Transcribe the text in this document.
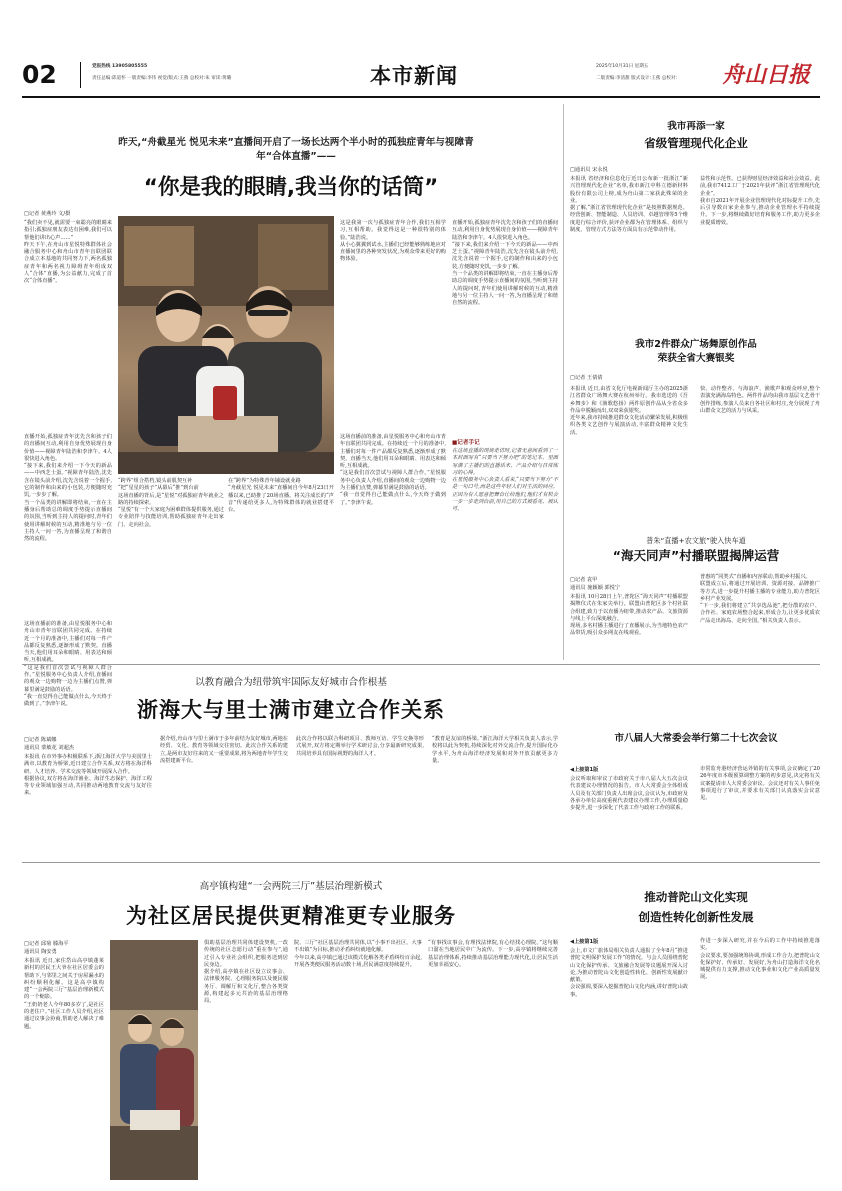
02	党报热线 13905805555
责任总编:邱道怀 一版责编:李伟 视觉/版式:王燕 总校对:朱 审读:黄璐	本市新闻	2025年10月31日 星期五
二版责编:李清甜 版式设计:王燕 总校对: 舟山日报
昨天,“舟截星光 悦见未来”直播间开启了一场长达两个半小时的孤独症青年与视障青年“合体直播”——
“你是我的眼睛,我当你的话筒”
□记者 黄燕玲 文/摄
“我们卖不见,就需要一束聪亮的眼睛来指引;孤独症朋友表达有困难,我们可以帮他们讲出心声……”
昨天下午,在舟山市星悦特殊群体社会融合服务中心和舟山市青年盲联团联合成立本基地的共同努力下,两名孤独症青年和两名视力障碍青年组成双人“合体”直播,为公益献力,完成了首次“合体直播”。
直播开始,孤独症青年沈先含和孩子们的直播间互动,利用自身优势展现自身价值——视障青年陆浩和李津午。4人很快进入角色。
“接下来,我们来介绍一下今天的新品——中西芝士蛋。”视障青年陆浩,沈先含在镜头前介绍,沈先含说着一个握手,它的制作和由来的小包装,方便随时充饥,一步步了解。
当一个品类的讲解即将结束,一直在主播身后帮助总的调度手势提示直播间的氛围,当听到主持人的提问时,青年们使用讲解时候的互动,精准地与另一位主持人一问一答,为直播呈现了和谐自然的流程。
这场直播前的准备,由星悦服务中心和舟山市青年盲联团共同完成。在持续近一个月的准备中,主播们对每一件产品都反复熟悉,逐渐形成了默契。直播当天,他们用耳朵和眼睛、用表达和倾听,互相成就。
“这是我们首次尝试与视障人群合作。”星悦服务中心负责人介绍,直播间的观众一边购物一边为主播们点赞,弹幕里满是鼓励的话语。
“我一直觉得自己能做点什么,今天终于做到了。”李津午说。
“跨界”组合搭档,镜头前肌契互补
“把“星星的孩子”从幕后“推”到台前
这场直播的背后,是“星悦”对孤独症青年就业之路的持续探索。
“星悦”有一个大家庭为困难群体提供服务,通过专业陪伴与技能培训,帮助孤独症青年走出家门、走向社会。
在“跨界”为特殊青年铺设就业路
“舟截星光 悦见未来”直播间自今年8月23日开播以来,已助推了20场直播。将关注成长的“声音”传递给更多人,为特殊群体的就业搭建平台。
这是我第一次与孤独症青年合作,我们互相学习,互相帮助。我觉得这是一种很特别的体验。”陆浩说。
从小心翼翼到试水,主播们已经能够熟练地应对直播间里的各种突发状况,为观众带来更好的购物体验。
这场直播前的准备,由星悦服务中心和舟山市青年盲联团共同完成。在持续近一个月的准备中,主播们对每一件产品都反复熟悉,逐渐形成了默契。直播当天,他们用耳朵和眼睛、用表达和倾听,互相成就。
“这是我们首次尝试与视障人群合作。”星悦服务中心负责人介绍,直播间的观众一边购物一边为主播们点赞,弹幕里满是鼓励的话语。
“我一直觉得自己能做点什么,今天终于做到了。”李津午说。
直播开始,孤独症青年沈先含和孩子们的直播间互动,利用自身优势展现自身价值——视障青年陆浩和李津午。4人很快进入角色。
“接下来,我们来介绍一下今天的新品——中西芝士蛋。”视障青年陆浩,沈先含在镜头前介绍,沈先含说着一个握手,它的制作和由来的小包装,方便随时充饥,一步步了解。
当一个品类的讲解即将结束,一直在主播身后帮助总的调度手势提示直播间的氛围,当听到主持人的提问时,青年们使用讲解时候的互动,精准地与另一位主持人一问一答,为直播呈现了和谐自然的流程。
■记者手记
在这场直播的现场走访时,记者无意间看到了一本封面写有“只要当下努力吧”的笔记本。里面写满了主播们的直播话术、产品介绍与日常练习的心得。
在星悦服务中心负责人看来,“只要当下努力”不是一句口号,而是这些年轻人们对生活的回应。正因为有人愿意把舞台让给他们,他们才有机会一步一步走到台前,用自己的方式被看见、被认可。
我市再添一家
省级管理现代化企业
□通讯员 宋永悦
本报讯 省经济和信息化厅近日公布新一批浙江“新兴管理现代化企业”名单,我市新江中科立德新材料股份有限公司上榜,成为舟山第二家获此殊荣的企业。
据了解,“浙江省管理现代化企业”是按照数据规范、经营创新、智能制造、人员培训、卓越管理等5个维度进行综合评价,获评企业都为在管理体系、组织与制度、管理方式方法等方面具有示范带动作用。
益性和示范性。已获得财星经济效益和社会效益。此前,我市7412工厂于2021年获评“浙江省管理现代化企业”。
我市自2021年开展企业管理现代化对标提升工作,先后引导数百家企业参与,推动企业管理水平持续提升。下一步,将继续做好培育和服务工作,助力更多企业提质增效。
我市2件群众广场舞原创作品
荣获全省大赛银奖
□记者 王倩倩
本报讯 近日,由省文化厅电视新闻厅主办的2025浙江省群众广场舞大赛在杭州举行。我市选送的《吾乡舞步》和《渔歌悠扬》两件原创作品从全省众多作品中脱颖而出,双双荣获银奖。
近年来,我市持续推进群众文化活动繁荣发展,积极组织各类文艺创作与展演活动,丰富群众精神文化生活。
快、动作整齐、与海浪声、渔歌声和观众呼应,整个表演充满海岛特色。两件作品均由我市基层文艺骨干创作排练,参演人员来自各社区和村庄,充分展现了舟山群众文艺的活力与风采。
普朱“直播+农文旅”驶入快车道
“海天同声”村播联盟揭牌运营
□记者 袁甲
通讯员 施颖颖 郭悦宁
本报讯 10月28日上午,普陀区“海天同声”村播联盟揭牌仪式在朱家尖举行。联盟由普陀区多个村社联合组建,致力于以直播为纽带,推动农产品、文旅资源与线上平台深度融合。
现场,多名村播主播进行了直播展示,为当地特色农产品带货,吸引众多网友在线观看。
普惠的“同类式”直播和内容联动,帮助乡村振兴。
联盟成立后,将通过开展培训、资源对接、品牌推广等方式,进一步提升村播主播的专业能力,助力普陀区乡村产业发展。
“下一步,我们将建立“共享选品池”,把分散的农户、合作社、家庭农场整合起来,形成合力,让更多优质农产品走出海岛、走向全国。”相关负责人表示。
以教育融合为纽带筑牢国际友好城市合作根基
浙海大与里士满市建立合作关系
□记者 陈斌娜
通讯员 蒙敏花 刘超杰
本报讯 在市外事办积极联系下,浙江海洋大学与美国里士满市,以教育为桥梁,近日建立合作关系,双方将在海洋科研、人才培养、学术交流等领域开展深入合作。
根据协议,双方将在海洋渔业、海洋生态保护、海洋工程等专业领域加强互动,共同推动两地教育交流与友好往来。
据介绍,舟山市与里士满市于多年前结为友好城市,两地在经贸、文化、教育等领域交往密切。此次合作关系的建立,是两市友好往来的又一重要成果,将为两地青年学生交流搭建新平台。
此次合作将以联合科研项目、教师互访、学生交换等形式展开,双方将定期举行学术研讨会,分享最新研究成果,共同培养具有国际视野的海洋人才。
“教育是友谊的桥梁。”浙江海洋大学相关负责人表示,学校将以此为契机,持续深化对外交流合作,提升国际化办学水平,为舟山海洋经济发展和对外开放贡献更多力量。
市八届人大常委会举行第二十七次会议
◀上接第1版
会议听取和审议了市政府关于市八届人大五次会议代表建议办理情况的报告。市人大常委会全体组成人员及有关部门负责人出席会议,会议认为,市政府及各承办单位高度重视代表建议办理工作,办理质量稳步提升,进一步深化了代表工作与政府工作的联系。
市常监舟港经济营运外销的有关事项,会议确定了2026年度市本级预算调整方案的初步意见,决定将有关议案提请市人大常委会审议。会议还对有关人事任免事项进行了审议,并要求有关部门认真落实会议意见。
高亭镇构建“一会两院三厅”基层治理新模式
为社区居民提供更精准更专业服务
□记者 邱菊 滕海平
通讯员 陶安勇
本报讯 近日,家住岱山高亭镇蓬莱新村的居民王大爷在社区居委会的帮助下,与邻里之间关于房屋漏水的纠纷顺利化解。这是高亭镇构建“一会两院三厅”基层治理新模式的一个缩影。
“王奶奶老人今年80多岁了,是社区的老住户。”社区工作人员介绍,社区通过议事会协商,帮助老人解决了难题。
俱助基层治理共同体建设契机,一改传统的社区志愿行动“重在参与”,通过引入专业社会组织,把服务送到居民身边。
据介绍,高亭镇在社区设立议事会、法律服务院、心理服务院以及便民服务厅、调解厅和文化厅,整合各类资源,构建起多元共治的基层治理格局。
院、三厅”社区基层治理共同体,以“小事不出社区、大事不出镇”为目标,推动矛盾纠纷就地化解。
今年以来,高亭镇已通过该模式化解各类矛盾纠纷百余起,开展各类便民服务活动数十场,居民满意度持续提升。
“有事找议事会,有理找法律院,有心结找心理院。”这句顺口溜在当地居民中广为流传。下一步,高亭镇将继续完善基层治理体系,持续推动基层治理能力现代化,让居民生活更加幸福安心。
推动普陀山文化实现
创造性转化创新性发展
◀上接第1版
会上,市文广旅体局相关负责人通报了全年8月“推进普陀文明保护发展工作”的情况。与会人员围绕普陀山文化保护传承、文旅融合发展等议题展开深入讨论,为推动普陀山文化创造性转化、创新性发展献计献策。
会议强调,要深入挖掘普陀山文化内涵,讲好普陀山故事。
作进一步深入研究,并在今后的工作中持续推进落实。
会议要求,要加强统筹协调,形成工作合力,把普陀山文化保护好、传承好、发展好,为舟山打造海洋文化名城提供有力支撑,推动文化事业和文化产业高质量发展。
